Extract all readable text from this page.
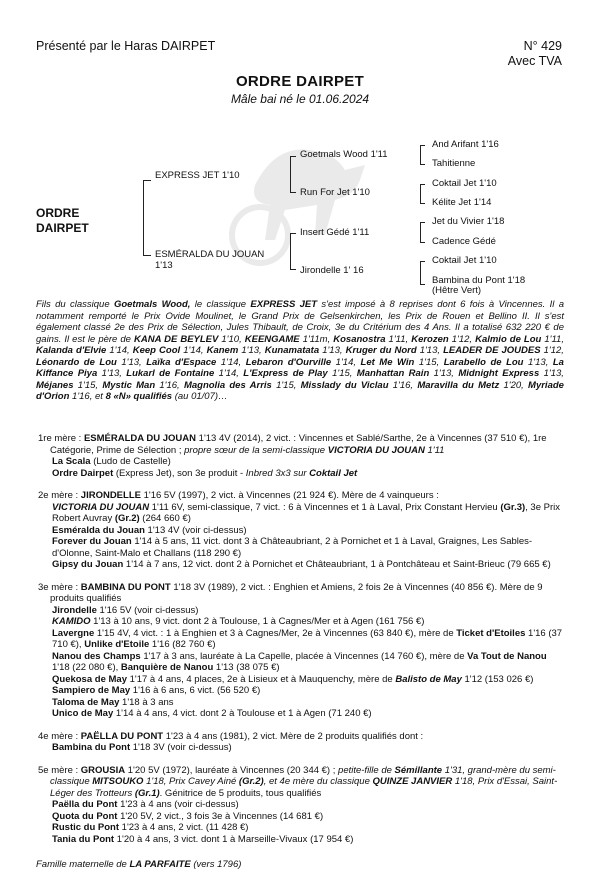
Présenté par le Haras DAIRPET	N° 429
Avec TVA
ORDRE DAIRPET
Mâle bai né le 01.06.2024
ORDRE
DAIRPET
EXPRESS JET 1'10
ESMÉRALDA DU JOUAN
1'13
Goetmals Wood 1'11
Run For Jet 1'10
Insert Gédé 1'11
Jirondelle 1' 16
And Arifant 1'16
Tahitienne
Coktail Jet 1'10
Kélite Jet 1'14
Jet du Vivier 1'18
Cadence Gédé
Coktail Jet 1'10
Bambina du Pont 1'18
(Hêtre Vert)
Fils du classique Goetmals Wood, le classique EXPRESS JET s'est imposé à 8 reprises dont 6 fois à Vincennes. Il a notamment remporté le Prix Ovide Moulinet, le Grand Prix de Gelsenkirchen, les Prix de Rouen et Bellino II. Il s'est également classé 2e des Prix de Sélection, Jules Thibault, de Croix, 3e du Critérium des 4 Ans. Il a totalisé 632 220 € de gains. Il est le père de KANA DE BEYLEV 1'10, KEENGAME 1'11m, Kosanostra 1'11, Kerozen 1'12, Kalmio de Lou 1'11, Kalanda d'Elvie 1'14, Keep Cool 1'14, Kanem 1'13, Kunamatata 1'13, Kruger du Nord 1'13, LEADER DE JOUDES 1'12, Léonardo de Lou 1'13, Laïka d'Espace 1'14, Lebaron d'Ourville 1'14, Let Me Win 1'15, Larabello de Lou 1'13, La Kiffance Piya 1'13, Lukarl de Fontaine 1'14, L'Express de Play 1'15, Manhattan Rain 1'13, Midnight Express 1'13, Méjanes 1'15, Mystic Man 1'16, Magnolia des Arris 1'15, Misslady du Viclau 1'16, Maravilla du Metz 1'20, Myriade d'Orion 1'16, et 8 «N» qualifiés (au 01/07)…

1re mère : ESMÉRALDA DU JOUAN 1'13 4V (2014), 2 vict. : Vincennes et Sablé/Sarthe, 2e à Vincennes (37 510 €), 1re Catégorie, Prime de Sélection ; propre sœur de la semi-classique VICTORIA DU JOUAN 1'11

La Scala (Ludo de Castelle)

Ordre Dairpet (Express Jet), son 3e produit - Inbred 3x3 sur Coktail Jet

2e mère : JIRONDELLE 1'16 5V (1997), 2 vict. à Vincennes (21 924 €). Mère de 4 vainqueurs :

VICTORIA DU JOUAN 1'11 6V, semi-classique, 7 vict. : 6 à Vincennes et 1 à Laval, Prix Constant Hervieu (Gr.3), 3e Prix Robert Auvray (Gr.2) (264 660 €)

Esméralda du Jouan 1'13 4V (voir ci-dessus)

Forever du Jouan 1'14 à 5 ans, 11 vict. dont 3 à Châteaubriant, 2 à Pornichet et 1 à Laval, Graignes, Les Sables-d'Olonne, Saint-Malo et Challans (118 290 €)

Gipsy du Jouan 1'14 à 7 ans, 12 vict. dont 2 à Pornichet et Châteaubriant, 1 à Pontchâteau et Saint-Brieuc (79 665 €)

3e mère : BAMBINA DU PONT 1'18 3V (1989), 2 vict. : Enghien et Amiens, 2 fois 2e à Vincennes (40 856 €). Mère de 9 produits qualifiés

Jirondelle 1'16 5V (voir ci-dessus)

KAMIDO 1'13 à 10 ans, 9 vict. dont 2 à Toulouse, 1 à Cagnes/Mer et à Agen (161 756 €)

Lavergne 1'15 4V, 4 vict. : 1 à Enghien et 3 à Cagnes/Mer, 2e à Vincennes (63 840 €), mère de Ticket d'Etoiles 1'16 (37 710 €), Unlike d'Etoile 1'16 (82 760 €)

Nanou des Champs 1'17 à 3 ans, lauréate à La Capelle, placée à Vincennes (14 760 €), mère de Va Tout de Nanou 1'18 (22 080 €), Banquière de Nanou 1'13 (38 075 €)

Quekosa de May 1'17 à 4 ans, 4 places, 2e à Lisieux et à Mauquenchy, mère de Balisto de May 1'12 (153 026 €)

Sampiero de May 1'16 à 6 ans, 6 vict. (56 520 €)

Taloma de May 1'18 à 3 ans

Unico de May 1'14 à 4 ans, 4 vict. dont 2 à Toulouse et 1 à Agen (71 240 €)

4e mère : PAËLLA DU PONT 1'23 à 4 ans (1981), 2 vict. Mère de 2 produits qualifiés dont :

Bambina du Pont 1'18 3V (voir ci-dessus)

5e mère : GROUSIA 1'20 5V (1972), lauréate à Vincennes (20 344 €) ; petite-fille de Sémillante 1'31, grand-mère du semi-classique MITSOUKO 1'18, Prix Cavey Ainé (Gr.2), et 4e mère du classique QUINZE JANVIER 1'18, Prix d'Essai, Saint-Léger des Trotteurs (Gr.1). Génitrice de 5 produits, tous qualifiés

Paëlla du Pont 1'23 à 4 ans (voir ci-dessus)

Quota du Pont 1'20 5V, 2 vict., 3 fois 3e à Vincennes (14 681 €)

Rustic du Pont 1'23 à 4 ans, 2 vict. (11 428 €)

Tania du Pont 1'20 à 4 ans, 3 vict. dont 1 à Marseille-Vivaux (17 954 €)

Famille maternelle de LA PARFAITE (vers 1796)
